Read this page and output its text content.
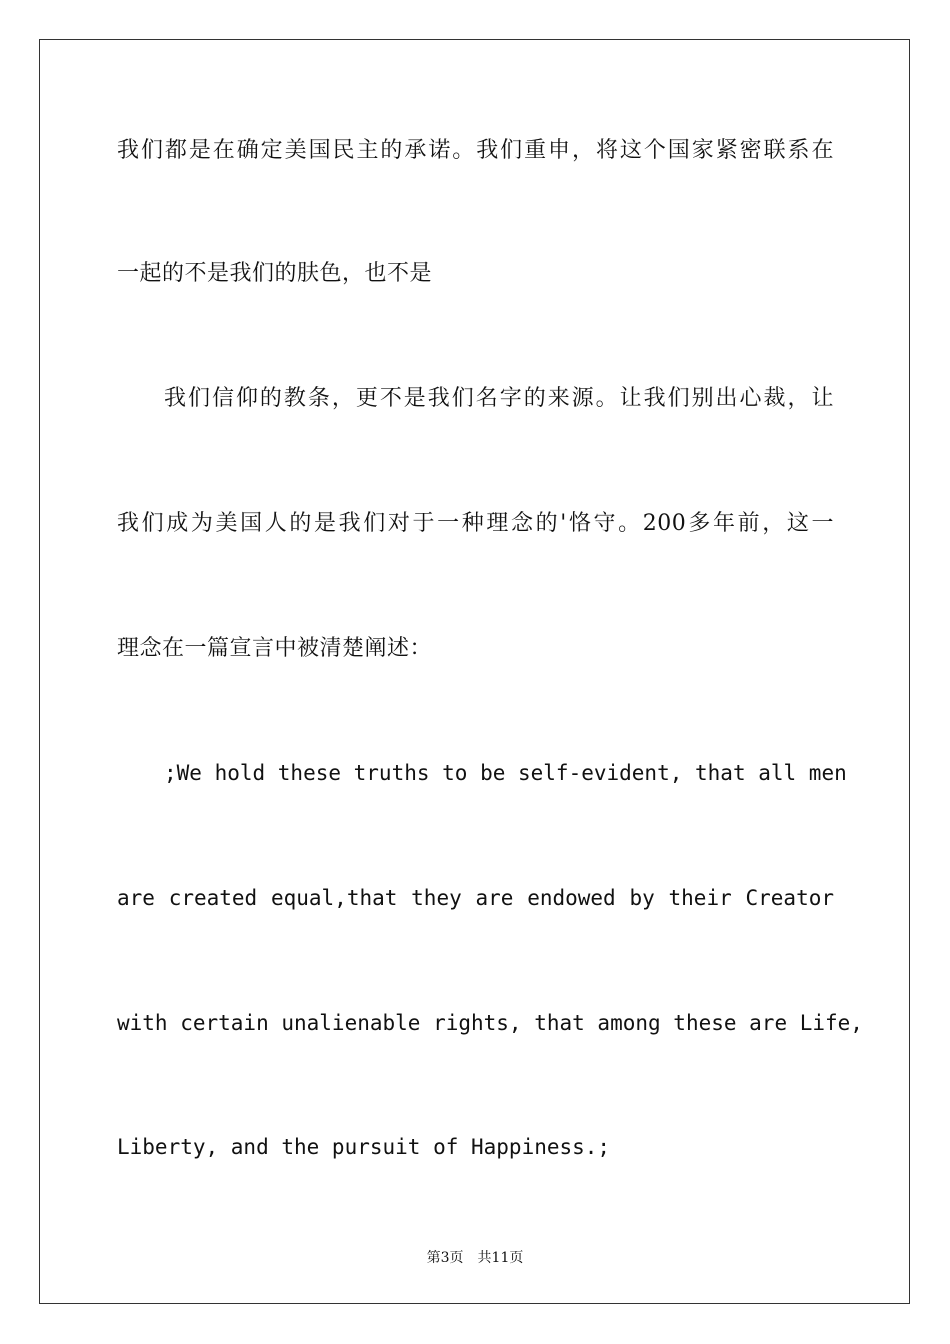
我们都是在确定美国民主的承诺。我们重申，将这个国家紧密联系在
一起的不是我们的肤色，也不是
我们信仰的教条，更不是我们名字的来源。让我们别出心裁，让
我们成为美国人的是我们对于一种理念的'恪守。200多年前，这一
理念在一篇宣言中被清楚阐述：
;We hold these truths to be self-evident, that all men
are created equal,that they are endowed by their Creator
with certain unalienable rights, that among these are Life,
Liberty, and the pursuit of Happiness.;
第3页 共11页
